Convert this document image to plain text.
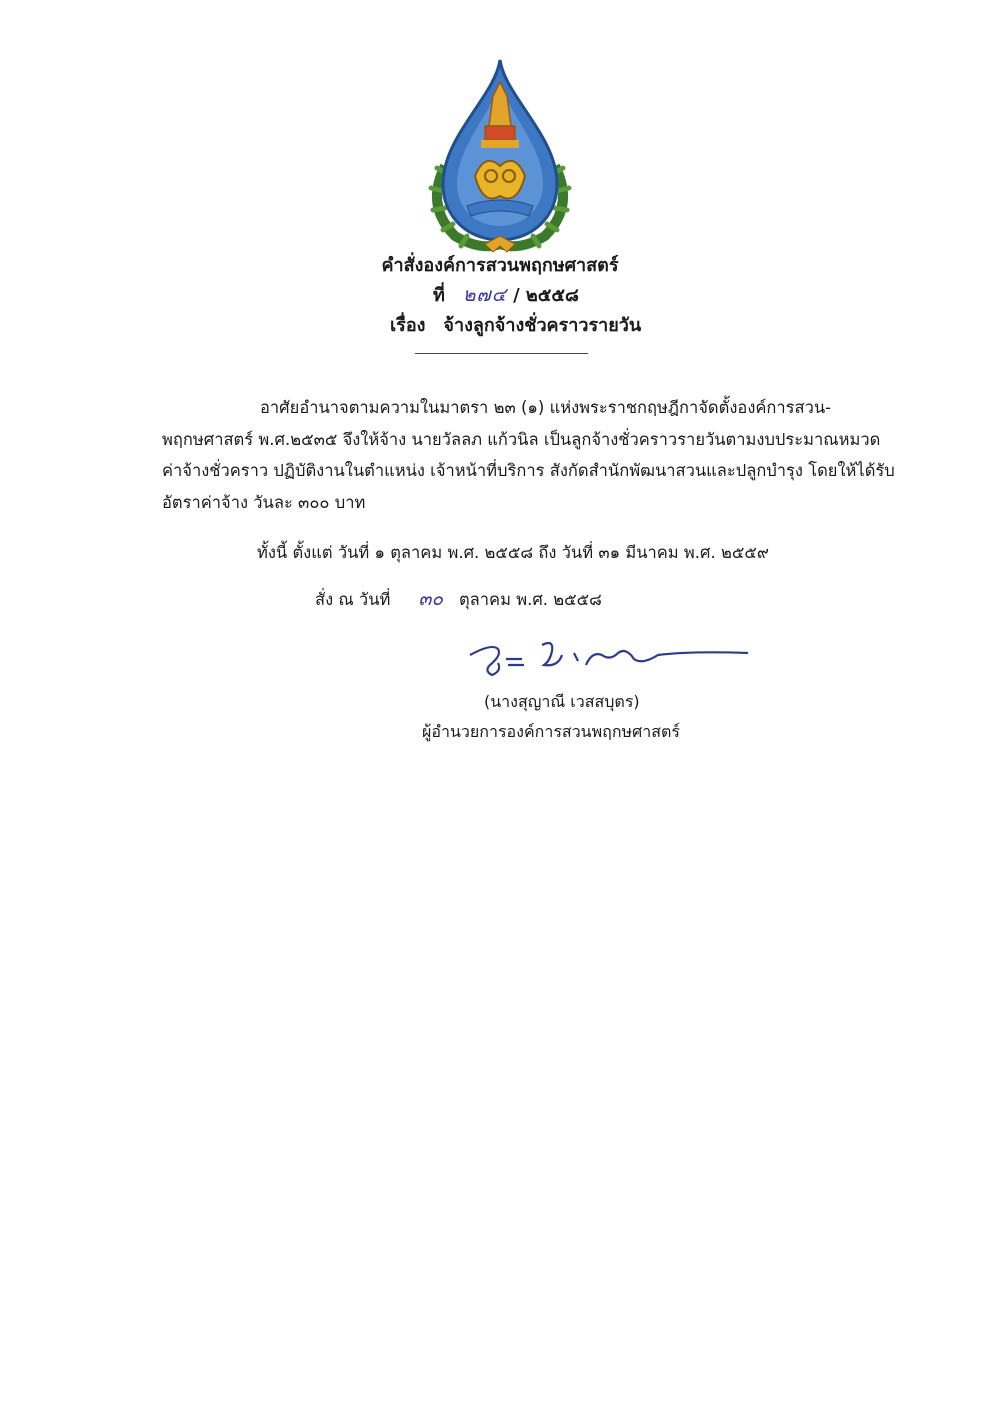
คำสั่งองค์การสวนพฤกษศาสตร์
ที่ ๒๗๔ / ๒๕๕๘
เรื่อง จ้างลูกจ้างชั่วคราวรายวัน
อาศัยอำนาจตามความในมาตรา ๒๓ (๑) แห่งพระราชกฤษฎีกาจัดตั้งองค์การสวน-
พฤกษศาสตร์ พ.ศ.๒๕๓๕ จึงให้จ้าง นายวัลลภ แก้วนิล เป็นลูกจ้างชั่วคราวรายวันตามงบประมาณหมวด
ค่าจ้างชั่วคราว ปฏิบัติงานในตำแหน่ง เจ้าหน้าที่บริการ สังกัดสำนักพัฒนาสวนและปลูกบำรุง โดยให้ได้รับ
อัตราค่าจ้าง วันละ ๓๐๐ บาท
ทั้งนี้ ตั้งแต่ วันที่ ๑ ตุลาคม พ.ศ. ๒๕๕๘ ถึง วันที่ ๓๑ มีนาคม พ.ศ. ๒๕๕๙
สั่ง ณ วันที่ ๓๐ ตุลาคม พ.ศ. ๒๕๕๘
(นางสุญาณี เวสสบุตร)
ผู้อำนวยการองค์การสวนพฤกษศาสตร์
